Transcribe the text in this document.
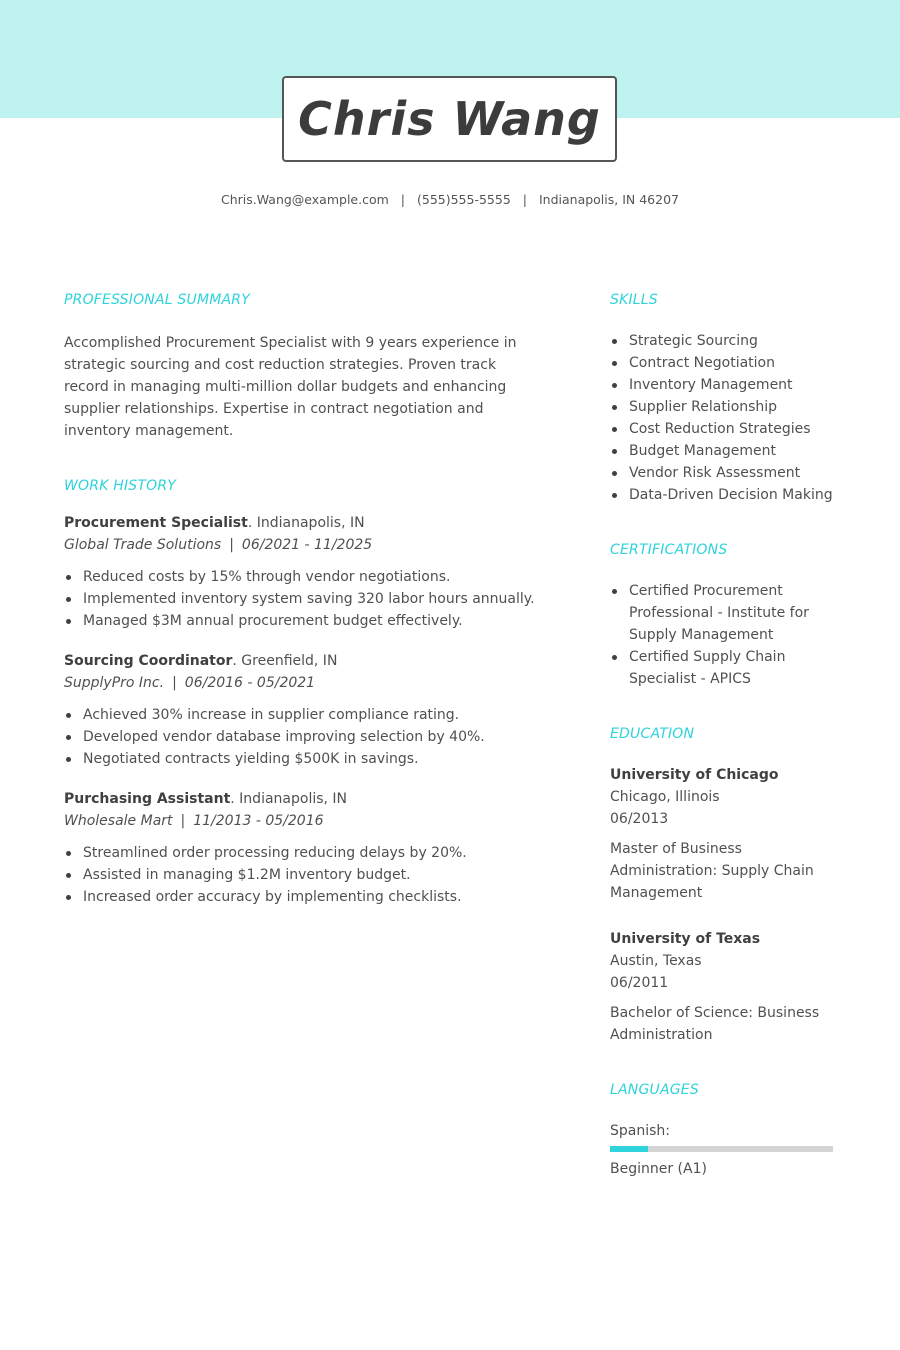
Chris Wang
Chris.Wang@example.com | (555)555-5555 | Indianapolis, IN 46207
PROFESSIONAL SUMMARY

Accomplished Procurement Specialist with 9 years experience in strategic sourcing and cost reduction strategies. Proven track record in managing multi-million dollar budgets and enhancing supplier relationships. Expertise in contract negotiation and inventory management.

WORK HISTORY
Procurement Specialist. Indianapolis, IN
Global Trade Solutions | 06/2021 - 11/2025
Reduced costs by 15% through vendor negotiations.
Implemented inventory system saving 320 labor hours annually.
Managed $3M annual procurement budget effectively.
Sourcing Coordinator. Greenfield, IN
SupplyPro Inc. | 06/2016 - 05/2021
Achieved 30% increase in supplier compliance rating.
Developed vendor database improving selection by 40%.
Negotiated contracts yielding $500K in savings.
Purchasing Assistant. Indianapolis, IN
Wholesale Mart | 11/2013 - 05/2016
Streamlined order processing reducing delays by 20%.
Assisted in managing $1.2M inventory budget.
Increased order accuracy by implementing checklists.
SKILLS
Strategic Sourcing
Contract Negotiation
Inventory Management
Supplier Relationship
Cost Reduction Strategies
Budget Management
Vendor Risk Assessment
Data-Driven Decision Making
CERTIFICATIONS
Certified Procurement Professional - Institute for Supply Management
Certified Supply Chain Specialist - APICS
EDUCATION
University of Chicago
Chicago, Illinois
06/2013
Master of Business Administration: Supply Chain Management
University of Texas
Austin, Texas
06/2011
Bachelor of Science: Business Administration
LANGUAGES
Spanish:
Beginner (A1)
